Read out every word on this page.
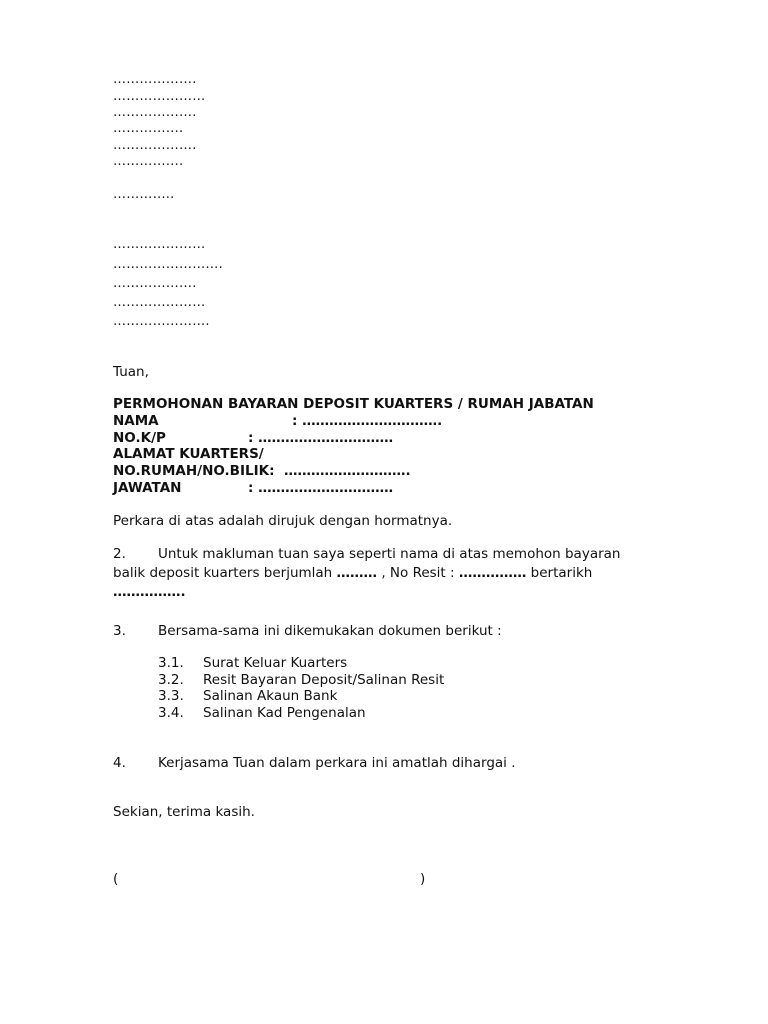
……………….
…………………
……………….
…………….
……………….
…………….
…………..
…………………
…………………….
……………….
…………………
………………….
Tuan,
PERMOHONAN BAYARAN DEPOSIT KUARTERS / RUMAH JABATAN
NAMA	: ………………………….
NO.K/P	: …………………………
ALAMAT KUARTERS/
NO.RUMAH/NO.BILIK: ……………………….
JAWATAN	: …………………………
Perkara di atas adalah dirujuk dengan hormatnya.
2. Untuk makluman tuan saya seperti nama di atas memohon bayaran
balik deposit kuarters berjumlah ……… , No Resit : …………… bertarikh
…………….
3. Bersama-sama ini dikemukakan dokumen berikut :
3.1. Surat Keluar Kuarters
3.2. Resit Bayaran Deposit/Salinan Resit
3.3. Salinan Akaun Bank
3.4. Salinan Kad Pengenalan
4. Kerjasama Tuan dalam perkara ini amatlah dihargai .
Sekian, terima kasih.
(	)
